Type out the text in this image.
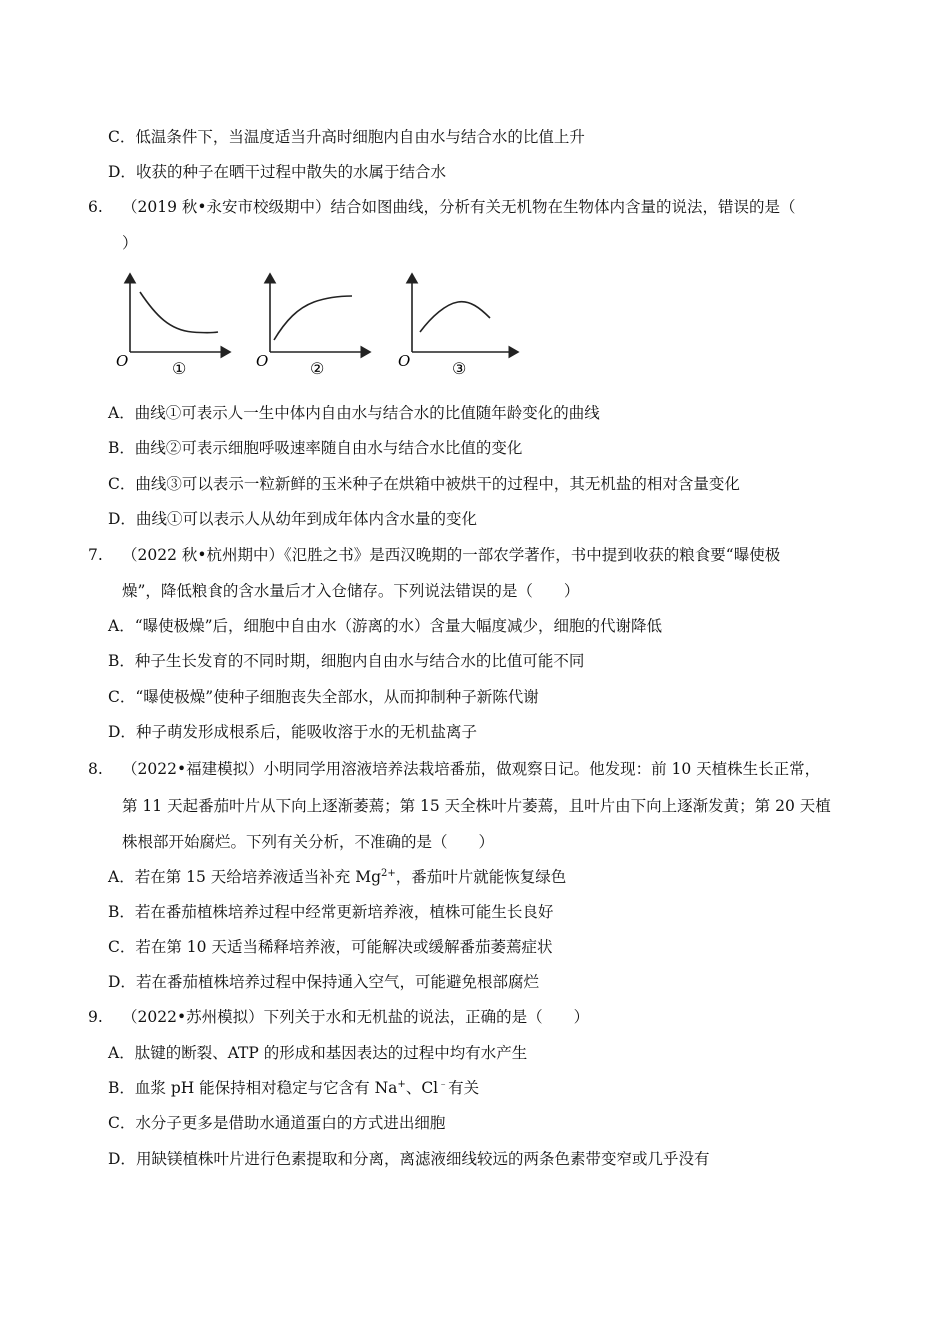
C．低温条件下，当温度适当升高时细胞内自由水与结合水的比值上升
D．收获的种子在晒干过程中散失的水属于结合水
6. （2019 秋•永安市校级期中）结合如图曲线，分析有关无机物在生物体内含量的说法，错误的是（
）
O	①	O	②	O	③
A．曲线①可表示人一生中体内自由水与结合水的比值随年龄变化的曲线
B．曲线②可表示细胞呼吸速率随自由水与结合水比值的变化
C．曲线③可以表示一粒新鲜的玉米种子在烘箱中被烘干的过程中，其无机盐的相对含量变化
D．曲线①可以表示人从幼年到成年体内含水量的变化
7. （2022 秋•杭州期中）《氾胜之书》是西汉晚期的一部农学著作，书中提到收获的粮食要“曝使极
燥”，降低粮食的含水量后才入仓储存。下列说法错误的是（　　）
A．“曝使极燥”后，细胞中自由水（游离的水）含量大幅度减少，细胞的代谢降低
B．种子生长发育的不同时期，细胞内自由水与结合水的比值可能不同
C．“曝使极燥”使种子细胞丧失全部水，从而抑制种子新陈代谢
D．种子萌发形成根系后，能吸收溶于水的无机盐离子
8. （2022•福建模拟）小明同学用溶液培养法栽培番茄，做观察日记。他发现：前 10 天植株生长正常，
第 11 天起番茄叶片从下向上逐渐萎蔫；第 15 天全株叶片萎蔫，且叶片由下向上逐渐发黄；第 20 天植
株根部开始腐烂。下列有关分析，不准确的是（　　）
A．若在第 15 天给培养液适当补充 $Mg^{2+}$，番茄叶片就能恢复绿色
B．若在番茄植株培养过程中经常更新培养液，植株可能生长良好
C．若在第 10 天适当稀释培养液，可能解决或缓解番茄萎蔫症状
D．若在番茄植株培养过程中保持通入空气，可能避免根部腐烂
9. （2022•苏州模拟）下列关于水和无机盐的说法，正确的是（　　）
A．肽键的断裂、ATP 的形成和基因表达的过程中均有水产生
B．血浆 pH 能保持相对稳定与它含有 Na+、Cl﹣有关
C．水分子更多是借助水通道蛋白的方式进出细胞
D．用缺镁植株叶片进行色素提取和分离，离滤液细线较远的两条色素带变窄或几乎没有
